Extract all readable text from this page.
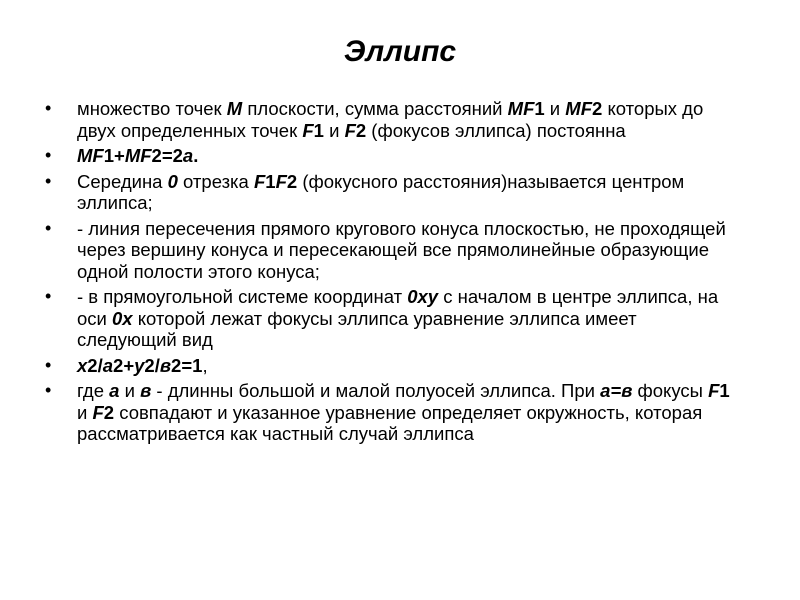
Эллипс
•	множество точек М плоскости, сумма расстояний MF1 и MF2 которых до двух определенных точек F1 и F2 (фокусов эллипса) постоянна
•	MF1+MF2=2a.
•	Середина 0 отрезка F1F2 (фокусного расстояния)называется центром эллипса;
•	- линия пересечения прямого кругового конуса плоскостью, не проходящей через вершину конуса и пересекающей все прямолинейные образующие одной полости этого конуса;
•	- в прямоугольной системе координат 0xy с началом в центре эллипса, на оси 0x которой лежат фокусы эллипса уравнение эллипса имеет следующий вид
•	x2/a2+y2/в2=1,
•	где а и в - длинны большой и малой полуосей эллипса. При а=в фокусы F1 и F2 совпадают и указанное уравнение определяет окружность, которая рассматривается как частный случай эллипса
